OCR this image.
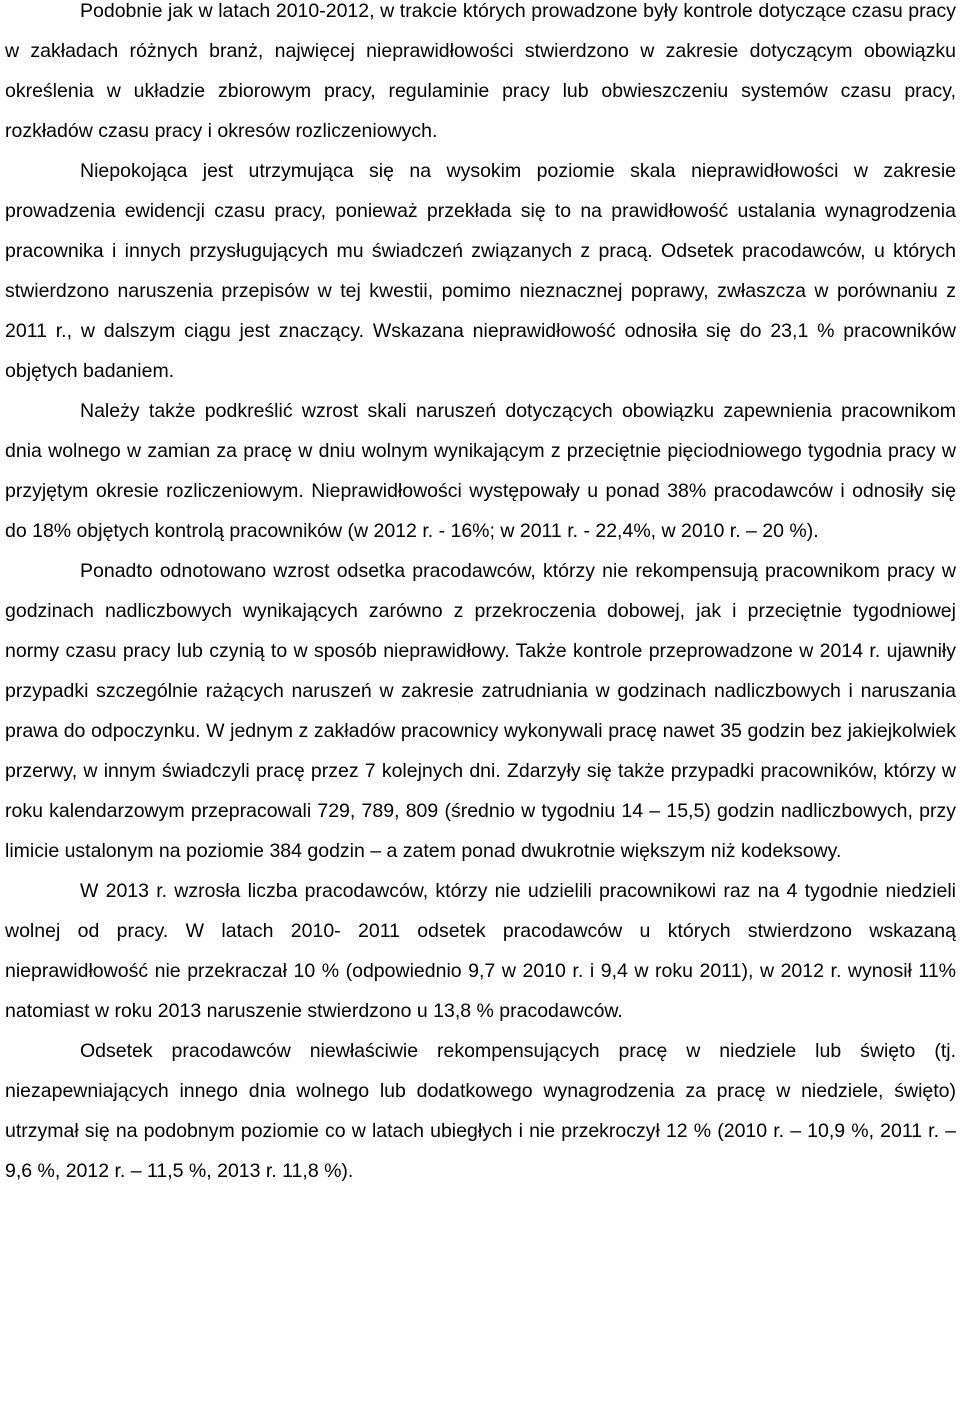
Podobnie jak w latach 2010-2012, w trakcie których prowadzone były kontrole dotyczące czasu pracy w zakładach różnych branż, najwięcej nieprawidłowości stwierdzono w zakresie dotyczącym obowiązku określenia w układzie zbiorowym pracy, regulaminie pracy lub obwieszczeniu systemów czasu pracy, rozkładów czasu pracy i okresów rozliczeniowych.

Niepokojąca jest utrzymująca się na wysokim poziomie skala nieprawidłowości w zakresie prowadzenia ewidencji czasu pracy, ponieważ przekłada się to na prawidłowość ustalania wynagrodzenia pracownika i innych przysługujących mu świadczeń związanych z pracą. Odsetek pracodawców, u których stwierdzono naruszenia przepisów w tej kwestii, pomimo nieznacznej poprawy, zwłaszcza w porównaniu z 2011 r., w dalszym ciągu jest znaczący. Wskazana nieprawidłowość odnosiła się do 23,1 % pracowników objętych badaniem.

Należy także podkreślić wzrost skali naruszeń dotyczących obowiązku zapewnienia pracownikom dnia wolnego w zamian za pracę w dniu wolnym wynikającym z przeciętnie pięciodniowego tygodnia pracy w przyjętym okresie rozliczeniowym. Nieprawidłowości występowały u ponad 38% pracodawców i odnosiły się do 18% objętych kontrolą pracowników (w 2012 r. - 16%; w 2011 r. - 22,4%, w 2010 r. – 20 %).

Ponadto odnotowano wzrost odsetka pracodawców, którzy nie rekompensują pracownikom pracy w godzinach nadliczbowych wynikających zarówno z przekroczenia dobowej, jak i przeciętnie tygodniowej normy czasu pracy lub czynią to w sposób nieprawidłowy. Także kontrole przeprowadzone w 2014 r. ujawniły przypadki szczególnie rażących naruszeń w zakresie zatrudniania w godzinach nadliczbowych i naruszania prawa do odpoczynku. W jednym z zakładów pracownicy wykonywali pracę nawet 35 godzin bez jakiejkolwiek przerwy, w innym świadczyli pracę przez 7 kolejnych dni. Zdarzyły się także przypadki pracowników, którzy w roku kalendarzowym przepracowali 729, 789, 809 (średnio w tygodniu 14 – 15,5) godzin nadliczbowych, przy limicie ustalonym na poziomie 384 godzin – a zatem ponad dwukrotnie większym niż kodeksowy.

W 2013 r. wzrosła liczba pracodawców, którzy nie udzielili pracownikowi raz na 4 tygodnie niedzieli wolnej od pracy. W latach 2010- 2011 odsetek pracodawców u których stwierdzono wskazaną nieprawidłowość nie przekraczał 10 % (odpowiednio 9,7 w 2010 r. i 9,4 w roku 2011), w 2012 r. wynosił 11% natomiast w roku 2013 naruszenie stwierdzono u 13,8 % pracodawców.

Odsetek pracodawców niewłaściwie rekompensujących pracę w niedziele lub święto (tj. niezapewniających innego dnia wolnego lub dodatkowego wynagrodzenia za pracę w niedziele, święto) utrzymał się na podobnym poziomie co w latach ubiegłych i nie przekroczył 12 % (2010 r. – 10,9 %, 2011 r. – 9,6 %, 2012 r. – 11,5 %, 2013 r. 11,8 %).
